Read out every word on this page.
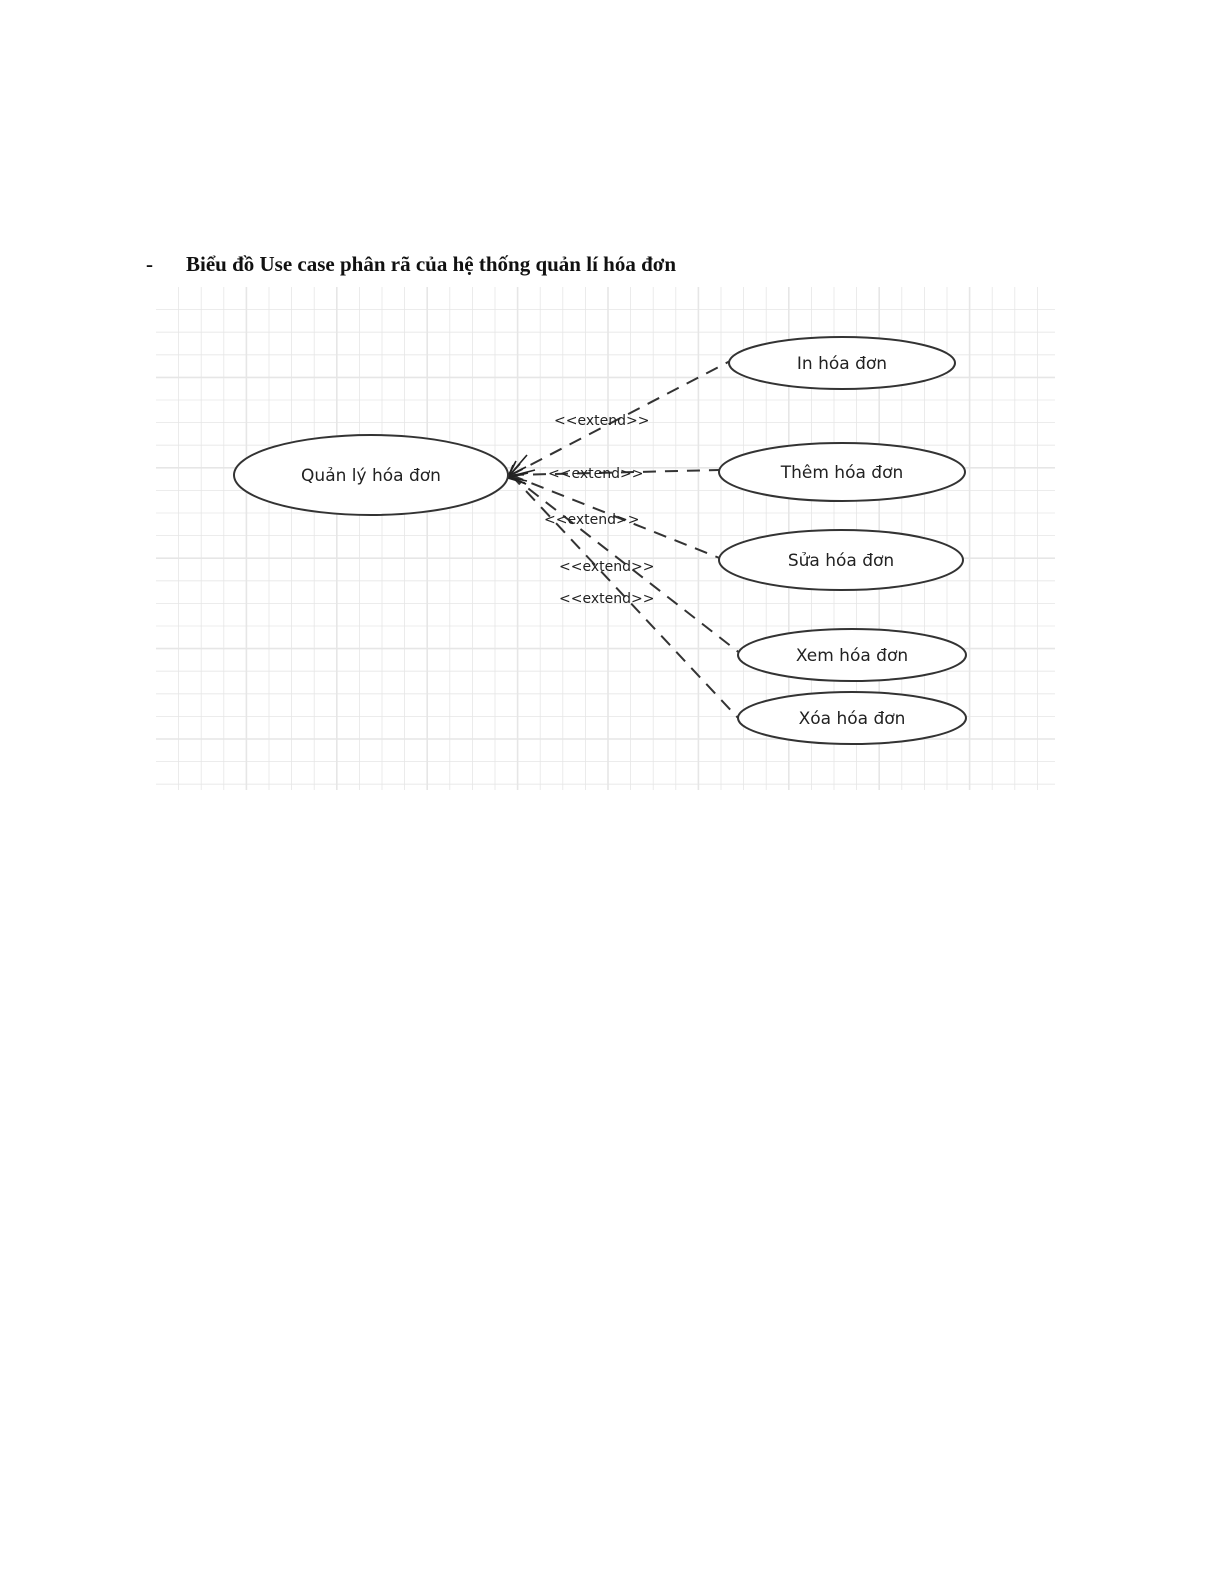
- Biểu đồ Use case phân rã của hệ thống quản lí hóa đơn
<<extend>>
<<extend>>
<<extend>>
<<extend>>
<<extend>>
Quản lý hóa đơn
In hóa đơn
Thêm hóa đơn
Sửa hóa đơn
Xem hóa đơn
Xóa hóa đơn
